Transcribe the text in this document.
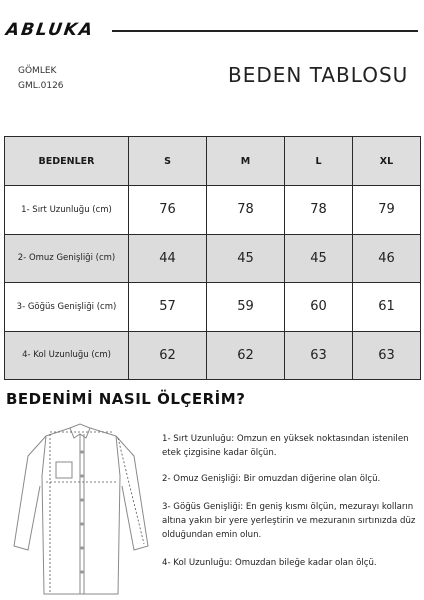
ABLUKA
GÖMLEK
GML.0126	BEDEN TABLOSU
BEDENLER	S	M	L	XL
1- Sırt Uzunluğu (cm)	76	78	78	79
2- Omuz Genişliği (cm)	44	45	45	46
3- Göğüs Genişliği (cm)	57	59	60	61
4- Kol Uzunluğu (cm)	62	62	63	63
BEDENİMİ NASIL ÖLÇERİM?
1- Sırt Uzunluğu: Omzun en yüksek noktasından istenilen etek çizgisine kadar ölçün.
2- Omuz Genişliği: Bir omuzdan diğerine olan ölçü.
3- Göğüs Genişliği: En geniş kısmı ölçün, mezurayı kolların altına yakın bir yere yerleştirin ve mezuranın sırtınızda düz olduğundan emin olun.
4- Kol Uzunluğu: Omuzdan bileğe kadar olan ölçü.
